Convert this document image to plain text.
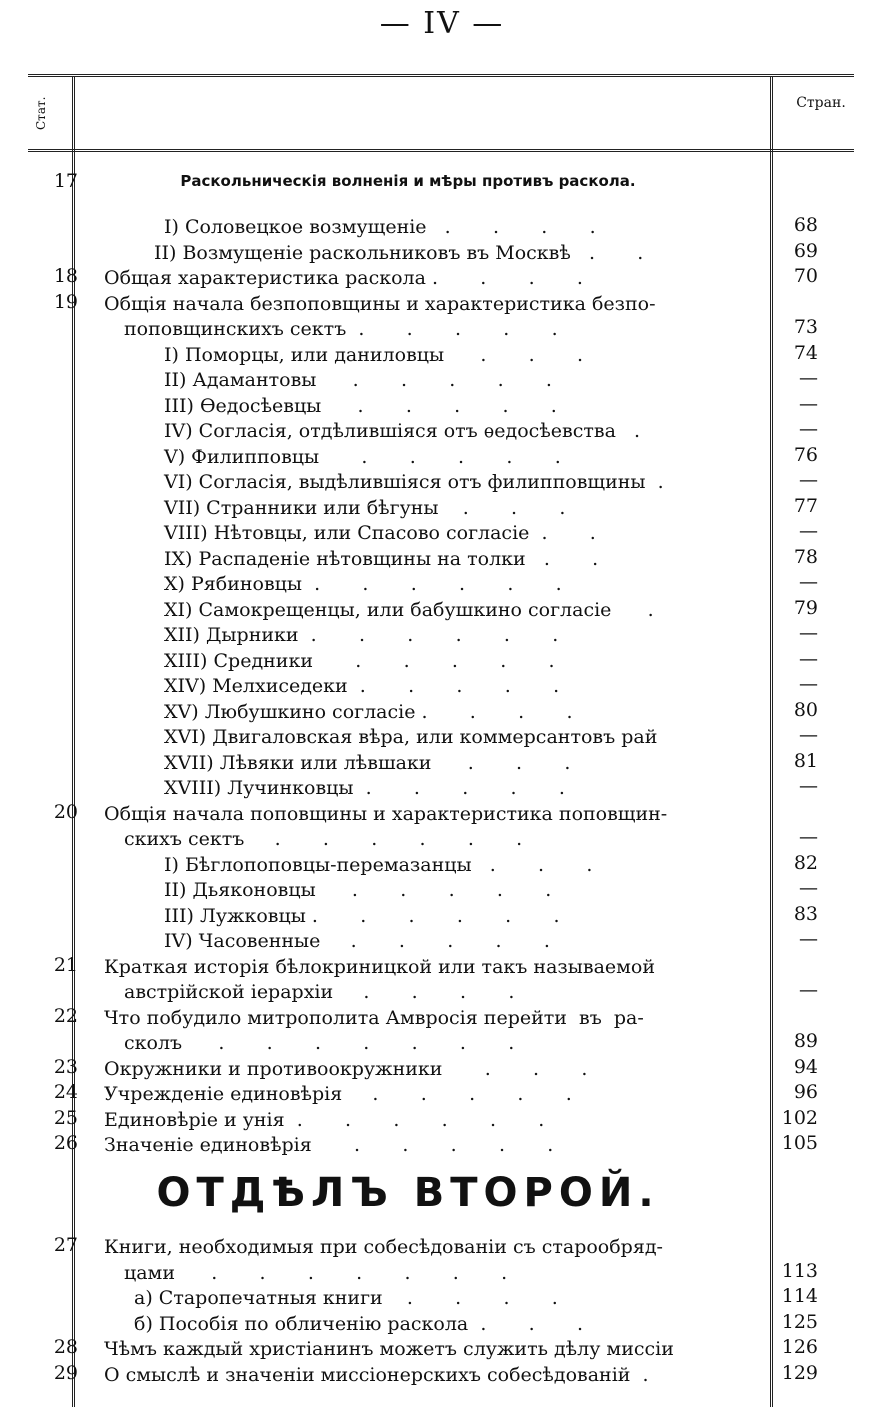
— IV —
Стат.	Стран.
17	Раскольническія волненія и мѣры противъ раскола.
I) Соловецкое возмущеніе   .       .       .       .	68
II) Возмущеніе раскольниковъ въ Москвѣ   .       .	69
18 Общая характеристика раскола .       .       .       .	70
19 Общія начала безпоповщины и характеристика безпо-
поповщинскихъ сектъ  .       .       .       .       .	73
I) Поморцы, или даниловцы      .       .       .	74
II) Адамантовы      .       .       .       .       .	—
III) Ѳедосѣевцы      .       .       .       .       .	—
IV) Согласія, отдѣлившіяся отъ ѳедосѣевства   .	—
V) Филипповцы       .       .       .       .       .	76
VI) Согласія, выдѣлившіяся отъ филипповщины  .	—
VII) Странники или бѣгуны    .       .       .	77
VIII) Нѣтовцы, или Спасово согласіе  .       .	—
IX) Распаденіе нѣтовщины на толки   .       .	78
X) Рябиновцы  .       .       .       .       .       .	—
XI) Самокрещенцы, или бабушкино согласіе      .	79
XII) Дырники  .       .       .       .       .       .	—
XIII) Средники       .       .       .       .       .	—
XIV) Мелхиседеки  .       .       .       .       .	—
XV) Любушкино согласіе .       .       .       .	80
XVI) Двигаловская вѣра, или коммерсантовъ рай	—
XVII) Лѣвяки или лѣвшаки      .       .       .	81
XVIII) Лучинковцы  .       .       .       .       .	—
20 Общія начала поповщины и характеристика поповщин-
скихъ сектъ     .       .       .       .       .       .	—
I) Бѣглопоповцы-перемазанцы   .       .       .	82
II) Дьяконовцы      .       .       .       .       .	—
III) Лужковцы .       .       .       .       .       .	83
IV) Часовенные     .       .       .       .       .	—
21 Краткая исторія бѣлокриницкой или такъ называемой
австрійской іерархіи     .       .       .       .	—
22 Что побудило митрополита Амвросія перейти  въ  ра-
сколъ      .       .       .       .       .       .       .	89
23 Окружники и противоокружники       .       .       .	94
24 Учрежденіе единовѣрія     .       .       .       .       .	96
25 Единовѣріе и унія  .       .       .       .       .       .	102
26 Значеніе единовѣрія       .       .       .       .       .	105
27 Книги, необходимыя при собесѣдованіи съ старообряд-
цами      .       .       .       .       .       .       .	113
а) Старопечатныя книги    .       .       .       .	114
б) Пособія по обличенію раскола  .       .       .	125
28 Чѣмъ каждый христіанинъ можетъ служить дѣлу миссіи	126
29 О смыслѣ и значеніи миссіонерскихъ собесѣдованій  .	129
ОТДѢЛЪ ВТОРОЙ.
